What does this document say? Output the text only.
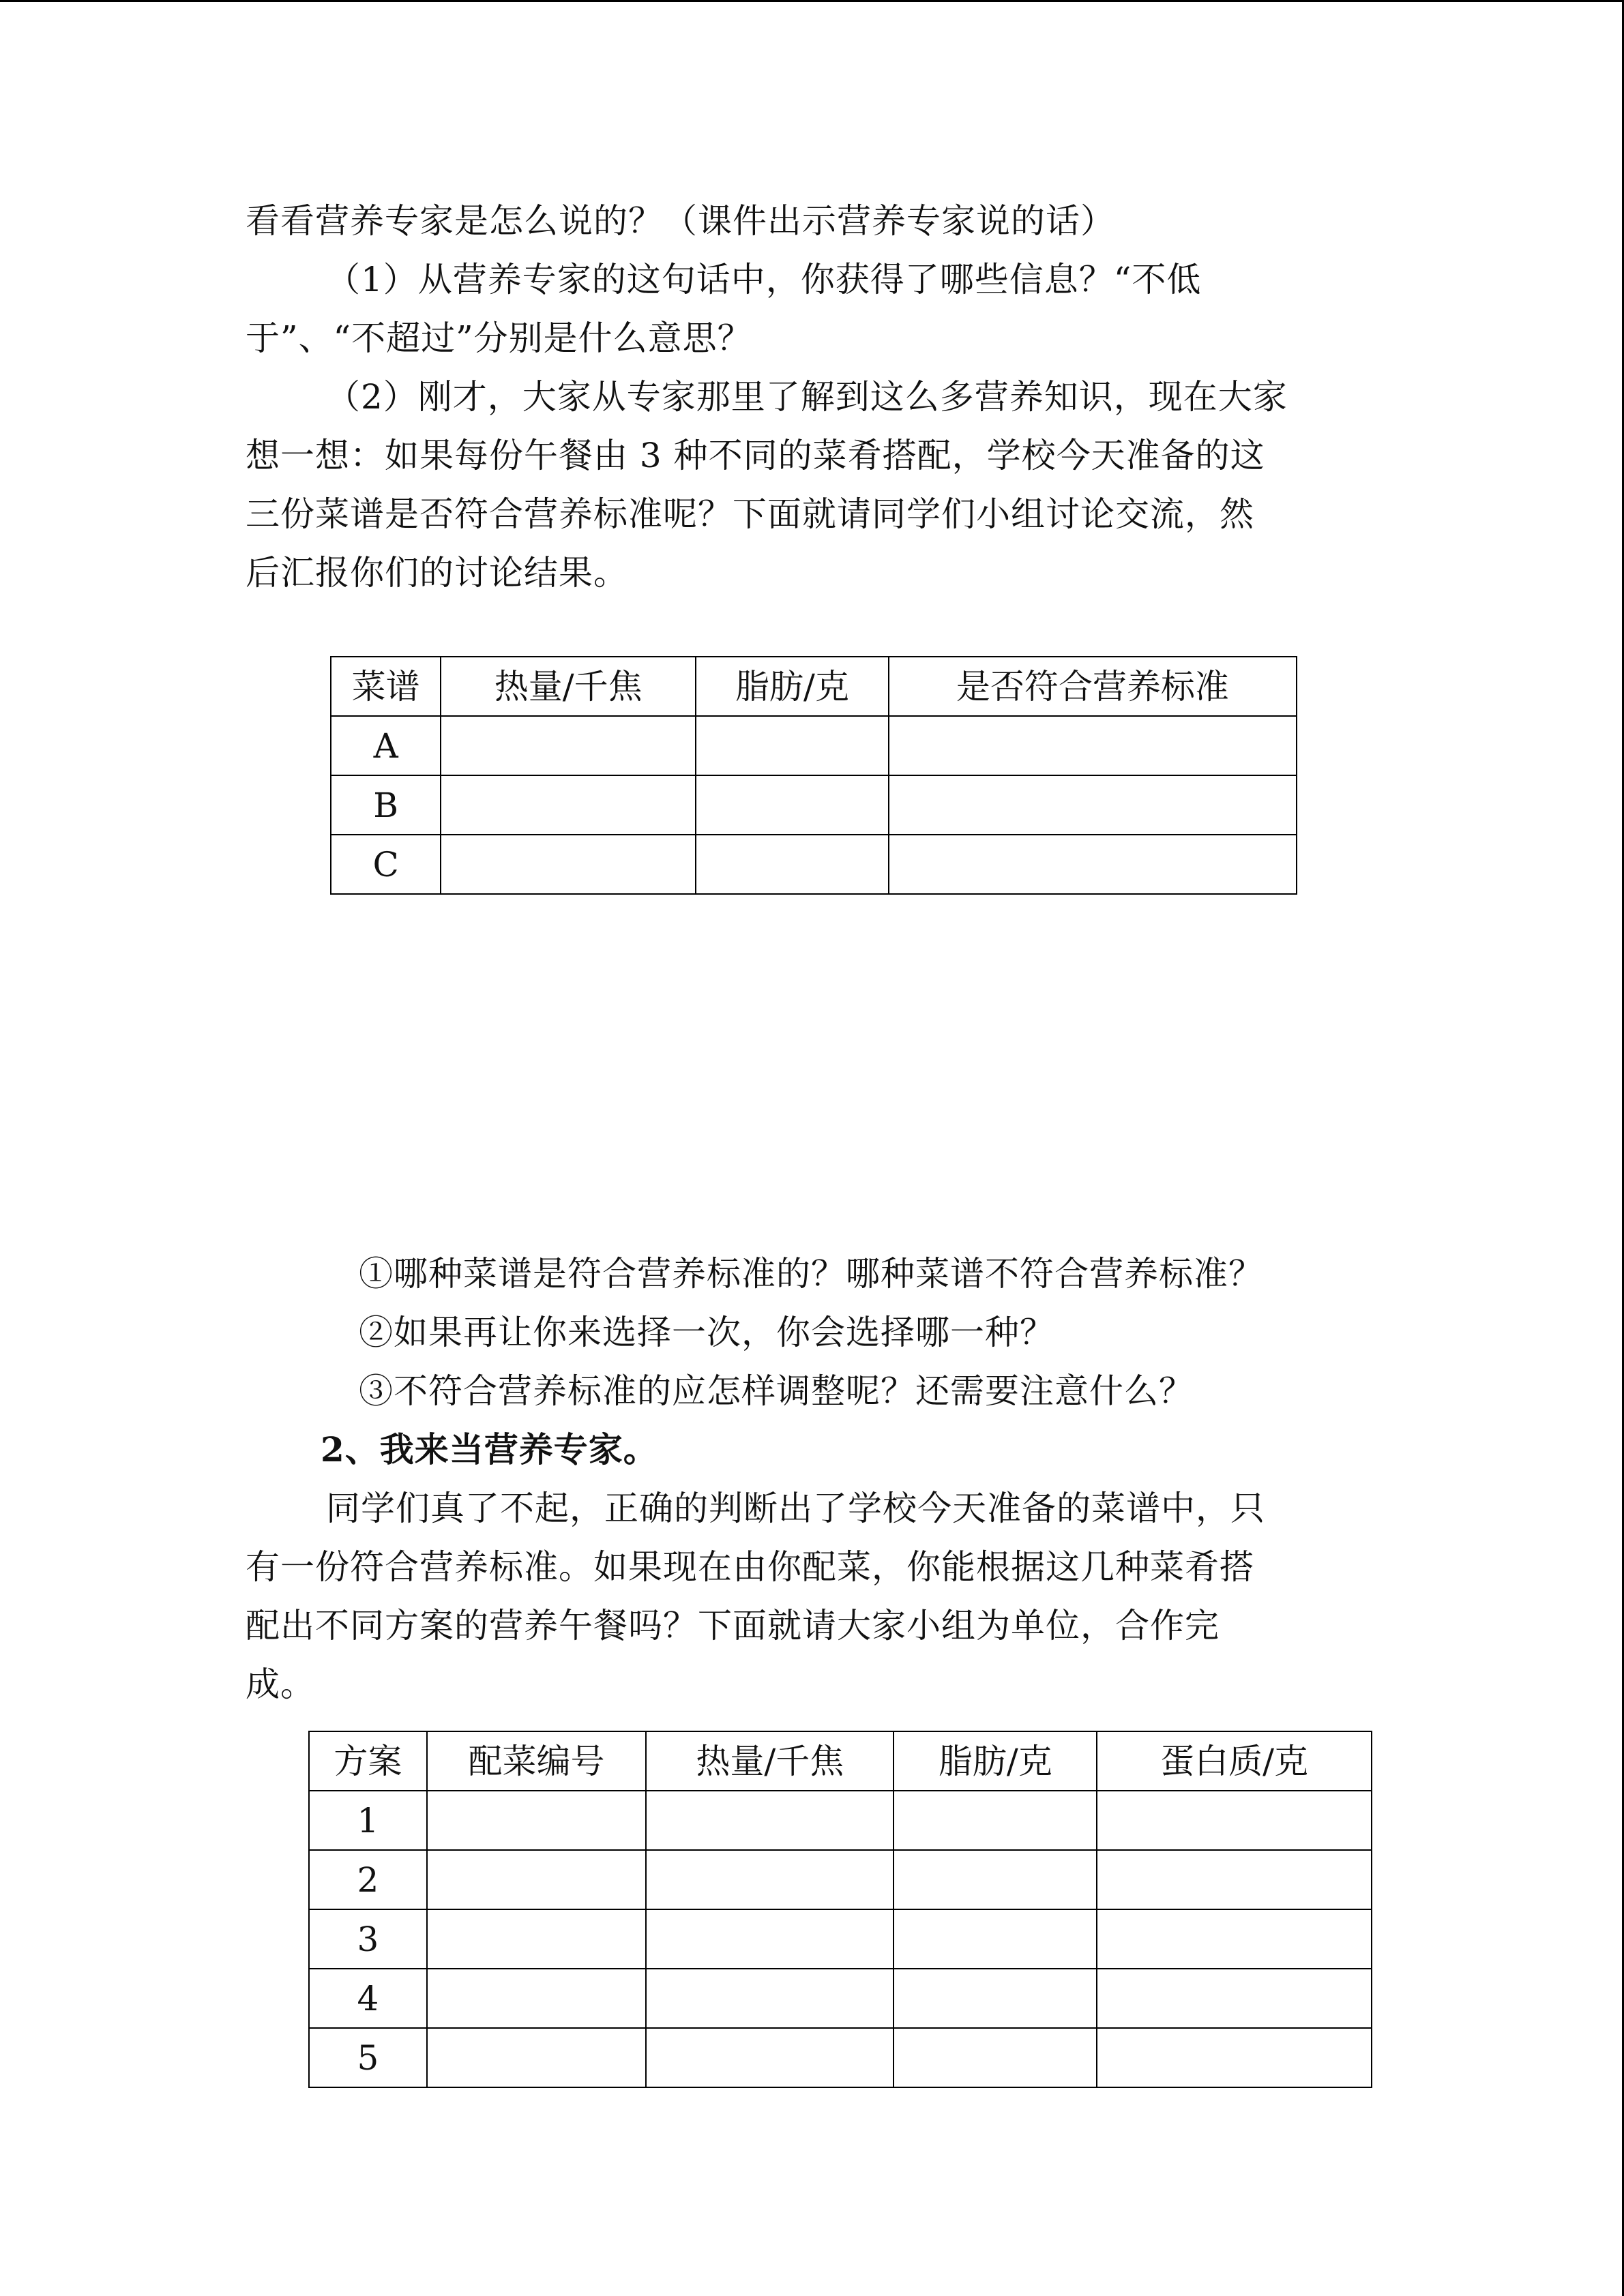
看看营养专家是怎么说的？（课件出示营养专家说的话）
（1）从营养专家的这句话中，你获得了哪些信息？“不低
于”、“不超过”分别是什么意思？
（2）刚才，大家从专家那里了解到这么多营养知识，现在大家
想一想：如果每份午餐由 3 种不同的菜肴搭配，学校今天准备的这
三份菜谱是否符合营养标准呢？下面就请同学们小组讨论交流，然
后汇报你们的讨论结果。
菜谱	热量/千焦	脂肪/克	是否符合营养标准
A			
B			
C			
①哪种菜谱是符合营养标准的？哪种菜谱不符合营养标准？
②如果再让你来选择一次，你会选择哪一种？
③不符合营养标准的应怎样调整呢？还需要注意什么？
2、我来当营养专家。
同学们真了不起，正确的判断出了学校今天准备的菜谱中，只
有一份符合营养标准。如果现在由你配菜，你能根据这几种菜肴搭
配出不同方案的营养午餐吗？下面就请大家小组为单位，合作完
成。
方案	配菜编号	热量/千焦	脂肪/克	蛋白质/克
1				
2				
3				
4				
5				
